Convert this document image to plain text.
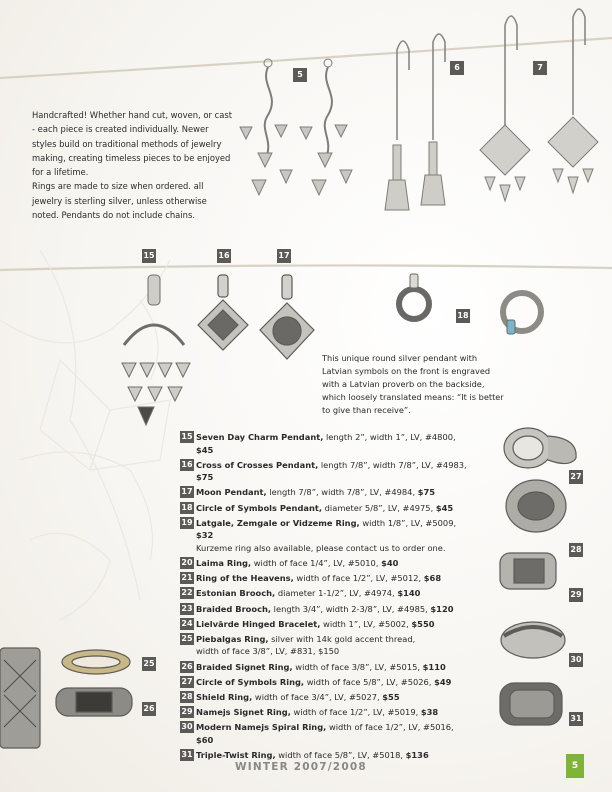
Handcrafted! Whether hand cut, woven, or cast - each piece is created individually. Newer styles build on traditional methods of jewelry making, creating timeless pieces to be enjoyed for a lifetime.

Rings are made to size when ordered. all jewelry is sterling silver, unless otherwise noted. Pendants do not include chains.

5
6	7
15	16	17
18
This unique round silver pendant with Latvian symbols on the front is engraved with a Latvian proverb on the backside, which loosely translated means: “It is better to give than receive”.
15 Seven Day Charm Pendant, length 2”, width 1”, LV, #4800, $45
16 Cross of Crosses Pendant, length 7/8”, width 7/8”, LV, #4983, $75
17 Moon Pendant, length 7/8”, width 7/8”, LV, #4984, $75
18 Circle of Symbols Pendant, diameter 5/8”, LV, #4975, $45
19 Latgale, Zemgale or Vidzeme Ring, width 1/8”, LV, #5009, $32
Kurzeme ring also available, please contact us to order one.
20 Laima Ring, width of face 1/4”, LV, #5010, $40
21 Ring of the Heavens, width of face 1/2”, LV, #5012, $68
22 Estonian Brooch, diameter 1-1/2”, LV, #4974, $140
23 Braided Brooch, length 3/4”, width 2-3/8”, LV, #4985, $120
24 Lielvārde Hinged Bracelet, width 1”, LV, #5002, $550
25 Piebalgas Ring, silver with 14k gold accent thread,
width of face 3/8”, LV, #831, $150
26 Braided Signet Ring, width of face 3/8”, LV, #5015, $110
27 Circle of Symbols Ring, width of face 5/8”, LV, #5026, $49
28 Shield Ring, width of face 3/4”, LV, #5027, $55
29 Namejs Signet Ring, width of face 1/2”, LV, #5019, $38
30 Modern Namejs Spiral Ring, width of face 1/2”, LV, #5016, $60
31 Triple-Twist Ring, width of face 5/8”, LV, #5018, $136
27
28
29
30
31
25
26
WINTER 2007/2008	5
